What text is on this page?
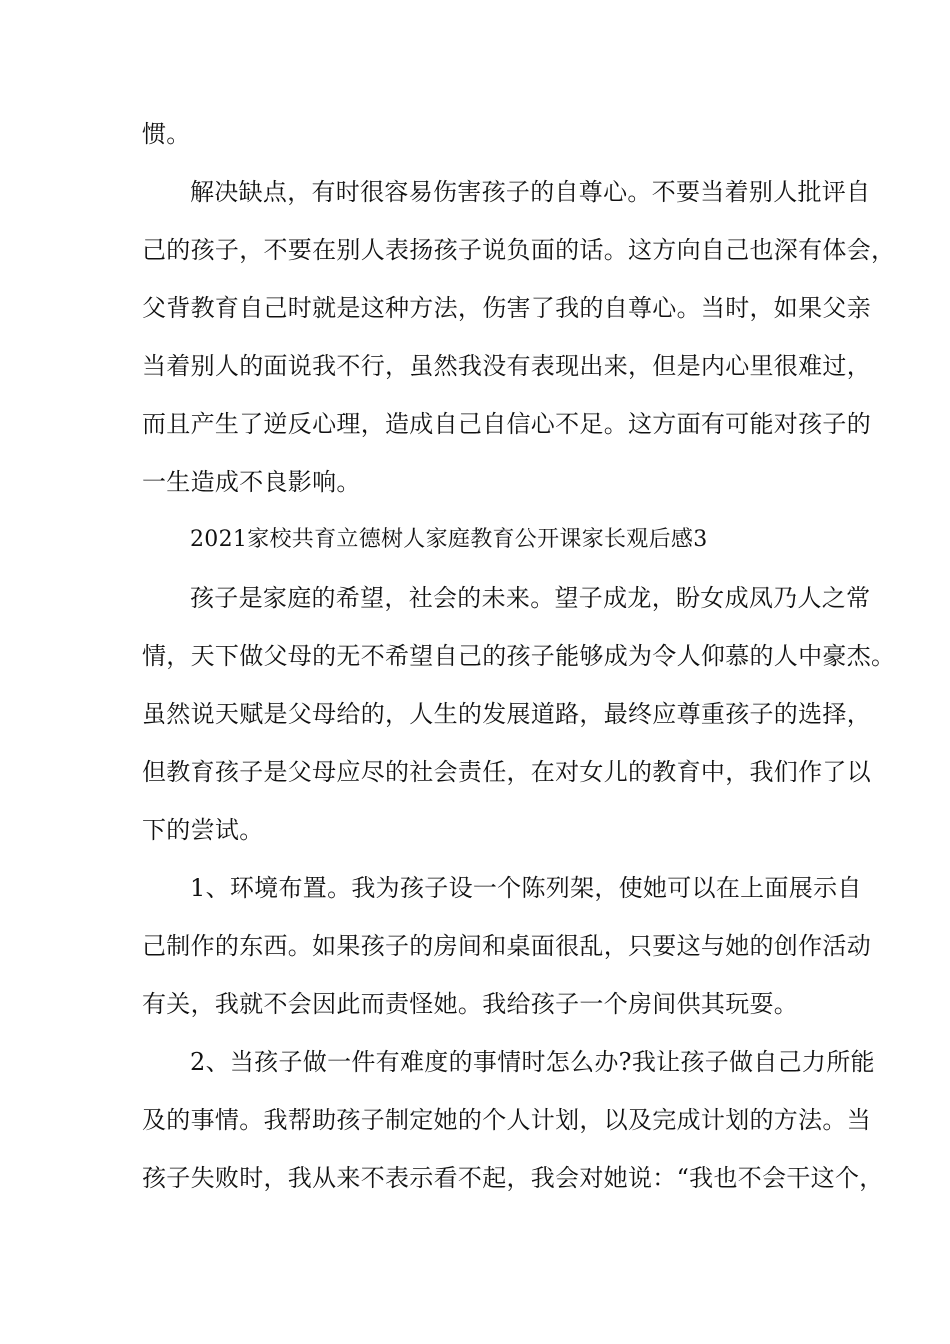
惯。
解决缺点，有时很容易伤害孩子的自尊心。不要当着别人批评自
己的孩子，不要在别人表扬孩子说负面的话。这方向自己也深有体会，
父背教育自己时就是这种方法，伤害了我的自尊心。当时，如果父亲
当着别人的面说我不行，虽然我没有表现出来，但是内心里很难过，
而且产生了逆反心理，造成自己自信心不足。这方面有可能对孩子的
一生造成不良影响。
2021家校共育立德树人家庭教育公开课家长观后感3
孩子是家庭的希望，社会的未来。望子成龙，盼女成凤乃人之常
情，天下做父母的无不希望自己的孩子能够成为令人仰慕的人中豪杰。
虽然说天赋是父母给的，人生的发展道路，最终应尊重孩子的选择，
但教育孩子是父母应尽的社会责任，在对女儿的教育中，我们作了以
下的尝试。
1、环境布置。我为孩子设一个陈列架，使她可以在上面展示自
己制作的东西。如果孩子的房间和桌面很乱，只要这与她的创作活动
有关，我就不会因此而责怪她。我给孩子一个房间供其玩耍。
2、当孩子做一件有难度的事情时怎么办?我让孩子做自己力所能
及的事情。我帮助孩子制定她的个人计划，以及完成计划的方法。当
孩子失败时，我从来不表示看不起，我会对她说：“我也不会干这个，
